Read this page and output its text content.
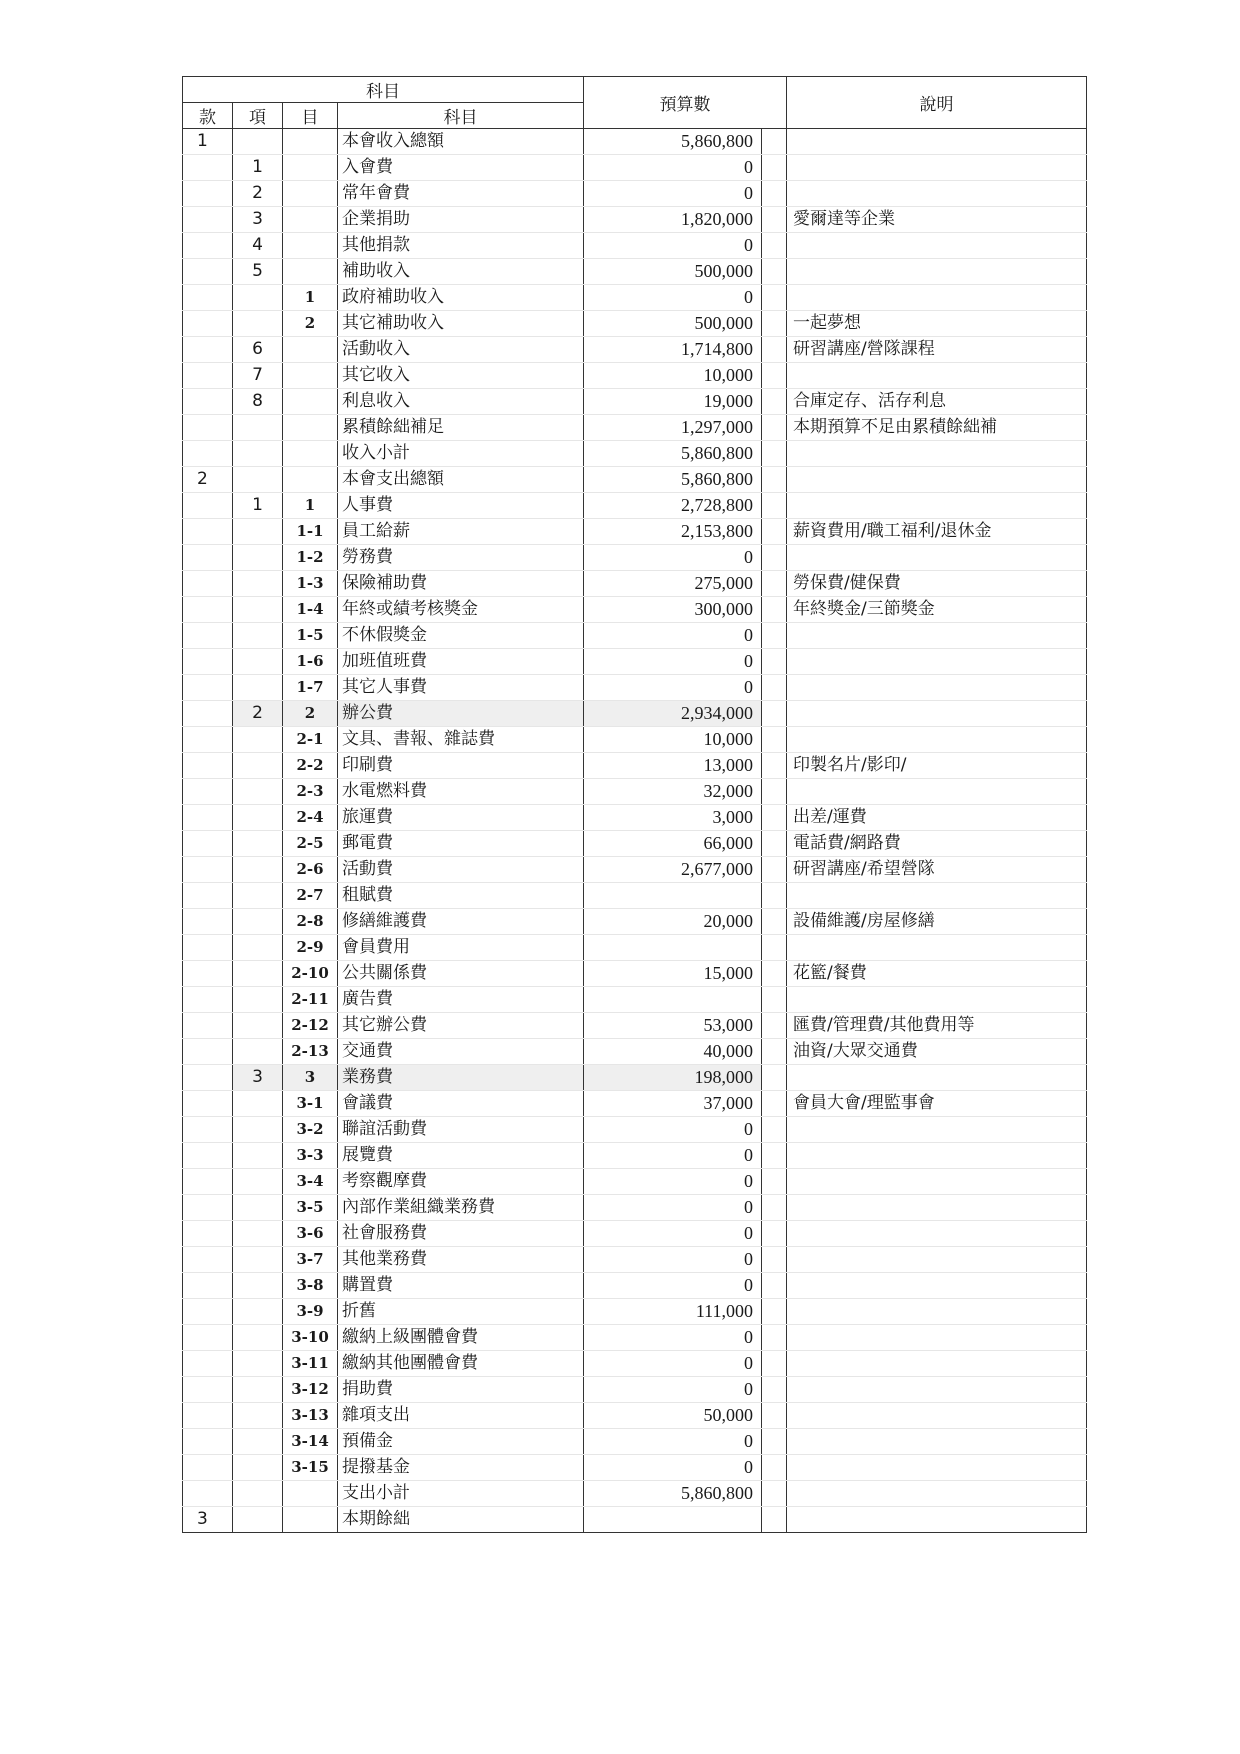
科目				預算數		說明
款	項	目	科目			
1			本會收入總額	5,860,800		
	1		入會費	0		
	2		常年會費	0		
	3		企業捐助	1,820,000		愛爾達等企業
	4		其他捐款	0		
	5		補助收入	500,000		
		1	政府補助收入	0		
		2	其它補助收入	500,000		一起夢想
	6		活動收入	1,714,800		研習講座/營隊課程
	7		其它收入	10,000		
	8		利息收入	19,000		合庫定存、活存利息
			累積餘絀補足	1,297,000		本期預算不足由累積餘絀補
			收入小計	5,860,800		
2			本會支出總額	5,860,800		
	1	1	人事費	2,728,800		
		1-1	員工給薪	2,153,800		薪資費用/職工福利/退休金
		1-2	勞務費	0		
		1-3	保險補助費	275,000		勞保費/健保費
		1-4	年終或績考核獎金	300,000		年終獎金/三節獎金
		1-5	不休假獎金	0		
		1-6	加班值班費	0		
		1-7	其它人事費	0		
	2	2	辦公費	2,934,000		
		2-1	文具、書報、雜誌費	10,000		
		2-2	印刷費	13,000		印製名片/影印/
		2-3	水電燃料費	32,000		
		2-4	旅運費	3,000		出差/運費
		2-5	郵電費	66,000		電話費/網路費
		2-6	活動費	2,677,000		研習講座/希望營隊
		2-7	租賦費			
		2-8	修繕維護費	20,000		設備維護/房屋修繕
		2-9	會員費用			
		2-10	公共關係費	15,000		花籃/餐費
		2-11	廣告費			
		2-12	其它辦公費	53,000		匯費/管理費/其他費用等
		2-13	交通費	40,000		油資/大眾交通費
	3	3	業務費	198,000		
		3-1	會議費	37,000		會員大會/理監事會
		3-2	聯誼活動費	0		
		3-3	展覽費	0		
		3-4	考察觀摩費	0		
		3-5	內部作業組織業務費	0		
		3-6	社會服務費	0		
		3-7	其他業務費	0		
		3-8	購置費	0		
		3-9	折舊	111,000		
		3-10	繳納上級團體會費	0		
		3-11	繳納其他團體會費	0		
		3-12	捐助費	0		
		3-13	雜項支出	50,000		
		3-14	預備金	0		
		3-15	提撥基金	0		
			支出小計	5,860,800		
3			本期餘絀			
